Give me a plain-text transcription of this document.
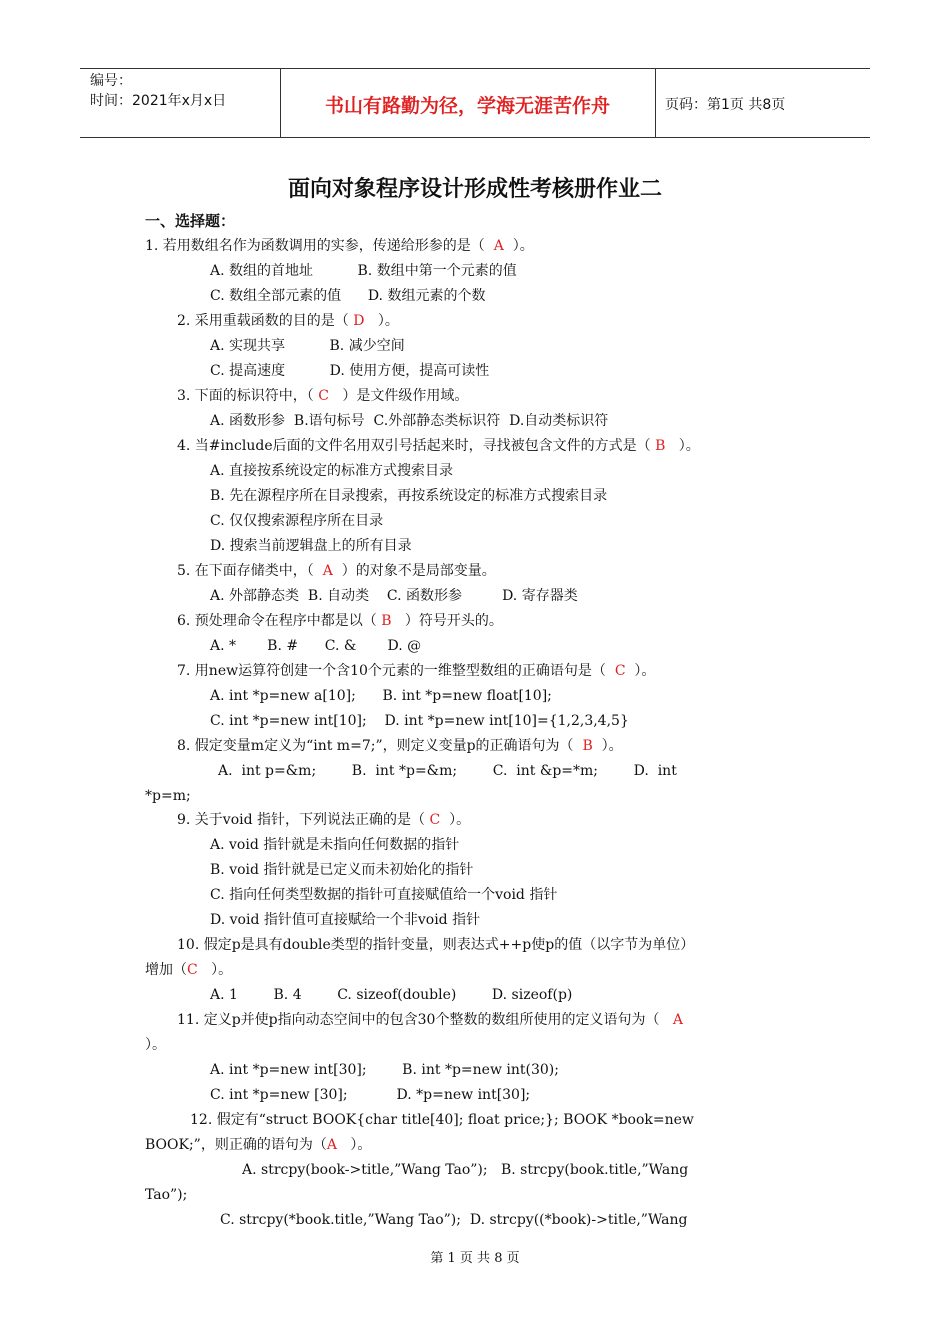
编号：
时间：2021年x月x日	书山有路勤为径，学海无涯苦作舟	页码：第1页 共8页
面向对象程序设计形成性考核册作业二
一、选择题：
1. 若用数组名作为函数调用的实参，传递给形参的是（  A  ）。
A. 数组的首地址          B. 数组中第一个元素的值
C. 数组全部元素的值      D. 数组元素的个数
2. 采用重载函数的目的是（ D   ）。
A. 实现共享          B. 减少空间
C. 提高速度          D. 使用方便，提高可读性
3. 下面的标识符中，（ C   ）是文件级作用域。
A. 函数形参  B.语句标号  C.外部静态类标识符  D.自动类标识符
4. 当#include后面的文件名用双引号括起来时，寻找被包含文件的方式是（ B   ）。
A. 直接按系统设定的标准方式搜索目录
B. 先在源程序所在目录搜索，再按系统设定的标准方式搜索目录
C. 仅仅搜索源程序所在目录
D. 搜索当前逻辑盘上的所有目录
5. 在下面存储类中，（  A  ）的对象不是局部变量。
A. 外部静态类  B. 自动类    C. 函数形参         D. 寄存器类
6. 预处理命令在程序中都是以（ B   ）符号开头的。
A. *       B. #      C. &       D. @
7. 用new运算符创建一个含10个元素的一维整型数组的正确语句是（  C  ）。
A. int *p=new a[10];      B. int *p=new float[10];
C. int *p=new int[10];    D. int *p=new int[10]={1,2,3,4,5}
8. 假定变量m定义为“int m=7;”，则定义变量p的正确语句为（  B  ）。
A.  int p=&m;        B.  int *p=&m;        C.  int &p=*m;        D.  int
*p=m;
9. 关于void 指针，下列说法正确的是（ C  ）。
A. void 指针就是未指向任何数据的指针
B. void 指针就是已定义而未初始化的指针
C. 指向任何类型数据的指针可直接赋值给一个void 指针
D. void 指针值可直接赋给一个非void 指针
10. 假定p是具有double类型的指针变量，则表达式++p使p的值（以字节为单位）
增加（C   ）。
A. 1        B. 4        C. sizeof(double)        D. sizeof(p)
11. 定义p并使p指向动态空间中的包含30个整数的数组所使用的定义语句为（   A
）。
A. int *p=new int[30];        B. int *p=new int(30);
C. int *p=new [30];           D. *p=new int[30];
12. 假定有“struct BOOK{char title[40]; float price;}; BOOK *book=new
BOOK;”，则正确的语句为（A   ）。
A. strcpy(book->title,”Wang Tao”);   B. strcpy(book.title,”Wang
Tao”);
C. strcpy(*book.title,”Wang Tao”);  D. strcpy((*book)->title,”Wang
第 1 页 共 8 页
